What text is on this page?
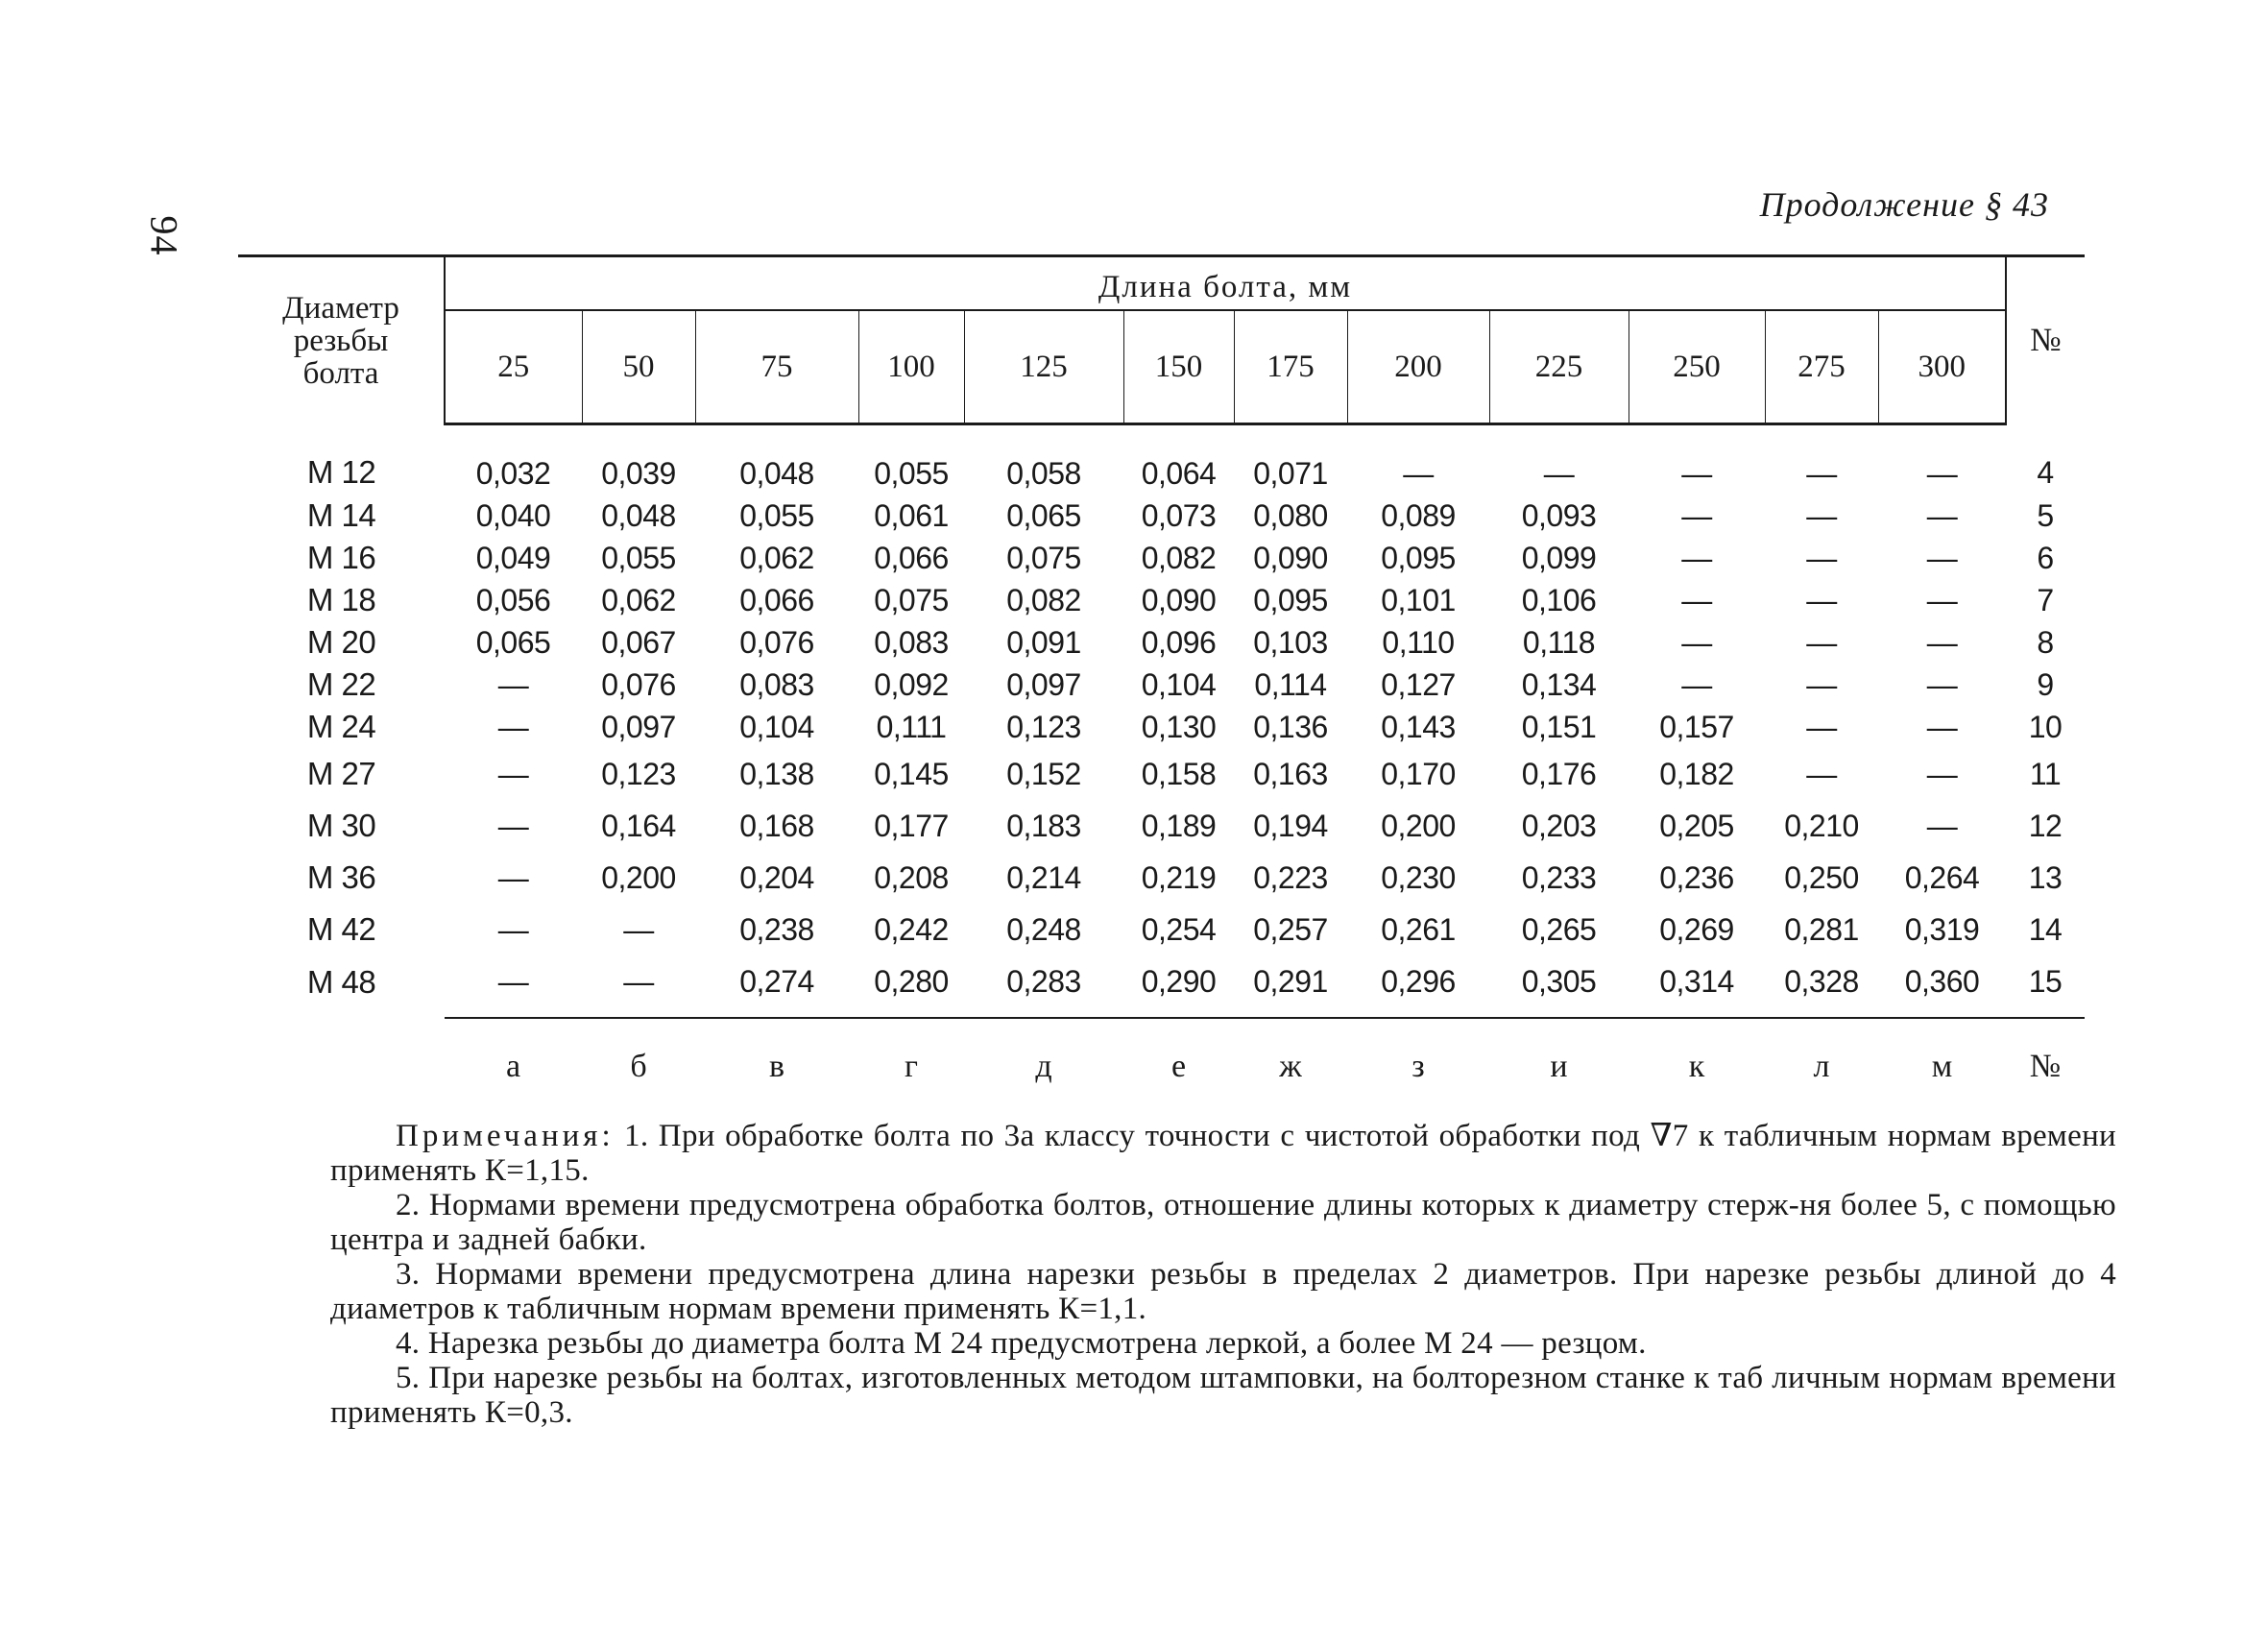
94
Продолжение § 43
Диаметр
резьбы
болта	Длина болта, мм												№
	25	50	75	100	125	150	175	200	225	250	275	300	
М 12	0,032	0,039	0,048	0,055	0,058	0,064	0,071	—	—	—	—	—	4
М 14	0,040	0,048	0,055	0,061	0,065	0,073	0,080	0,089	0,093	—	—	—	5
М 16	0,049	0,055	0,062	0,066	0,075	0,082	0,090	0,095	0,099	—	—	—	6
М 18	0,056	0,062	0,066	0,075	0,082	0,090	0,095	0,101	0,106	—	—	—	7
М 20	0,065	0,067	0,076	0,083	0,091	0,096	0,103	0,110	0,118	—	—	—	8
М 22	—	0,076	0,083	0,092	0,097	0,104	0,114	0,127	0,134	—	—	—	9
М 24	—	0,097	0,104	0,111	0,123	0,130	0,136	0,143	0,151	0,157	—	—	10
М 27	—	0,123	0,138	0,145	0,152	0,158	0,163	0,170	0,176	0,182	—	—	11
М 30	—	0,164	0,168	0,177	0,183	0,189	0,194	0,200	0,203	0,205	0,210	—	12
М 36	—	0,200	0,204	0,208	0,214	0,219	0,223	0,230	0,233	0,236	0,250	0,264	13
М 42	—	—	0,238	0,242	0,248	0,254	0,257	0,261	0,265	0,269	0,281	0,319	14
М 48	—	—	0,274	0,280	0,283	0,290	0,291	0,296	0,305	0,314	0,328	0,360	15
	а	б	в	г	д	е	ж	з	и	к	л	м	№

Примечания: 1. При обработке болта по 3а классу точности с чистотой обработки под ∇7 к табличным нормам времени применять К=1,15.

2. Нормами времени предусмотрена обработка болтов, отношение длины которых к диаметру стерж-ня более 5, с помощью центра и задней бабки.

3. Нормами времени предусмотрена длина нарезки резьбы в пределах 2 диаметров. При нарезке резьбы длиной до 4 диаметров к табличным нормам времени применять К=1,1.

4. Нарезка резьбы до диаметра болта М 24 предусмотрена леркой, а более М 24 — резцом.

5. При нарезке резьбы на болтах, изготовленных методом штамповки, на болторезном станке к таб личным нормам времени применять К=0,3.
